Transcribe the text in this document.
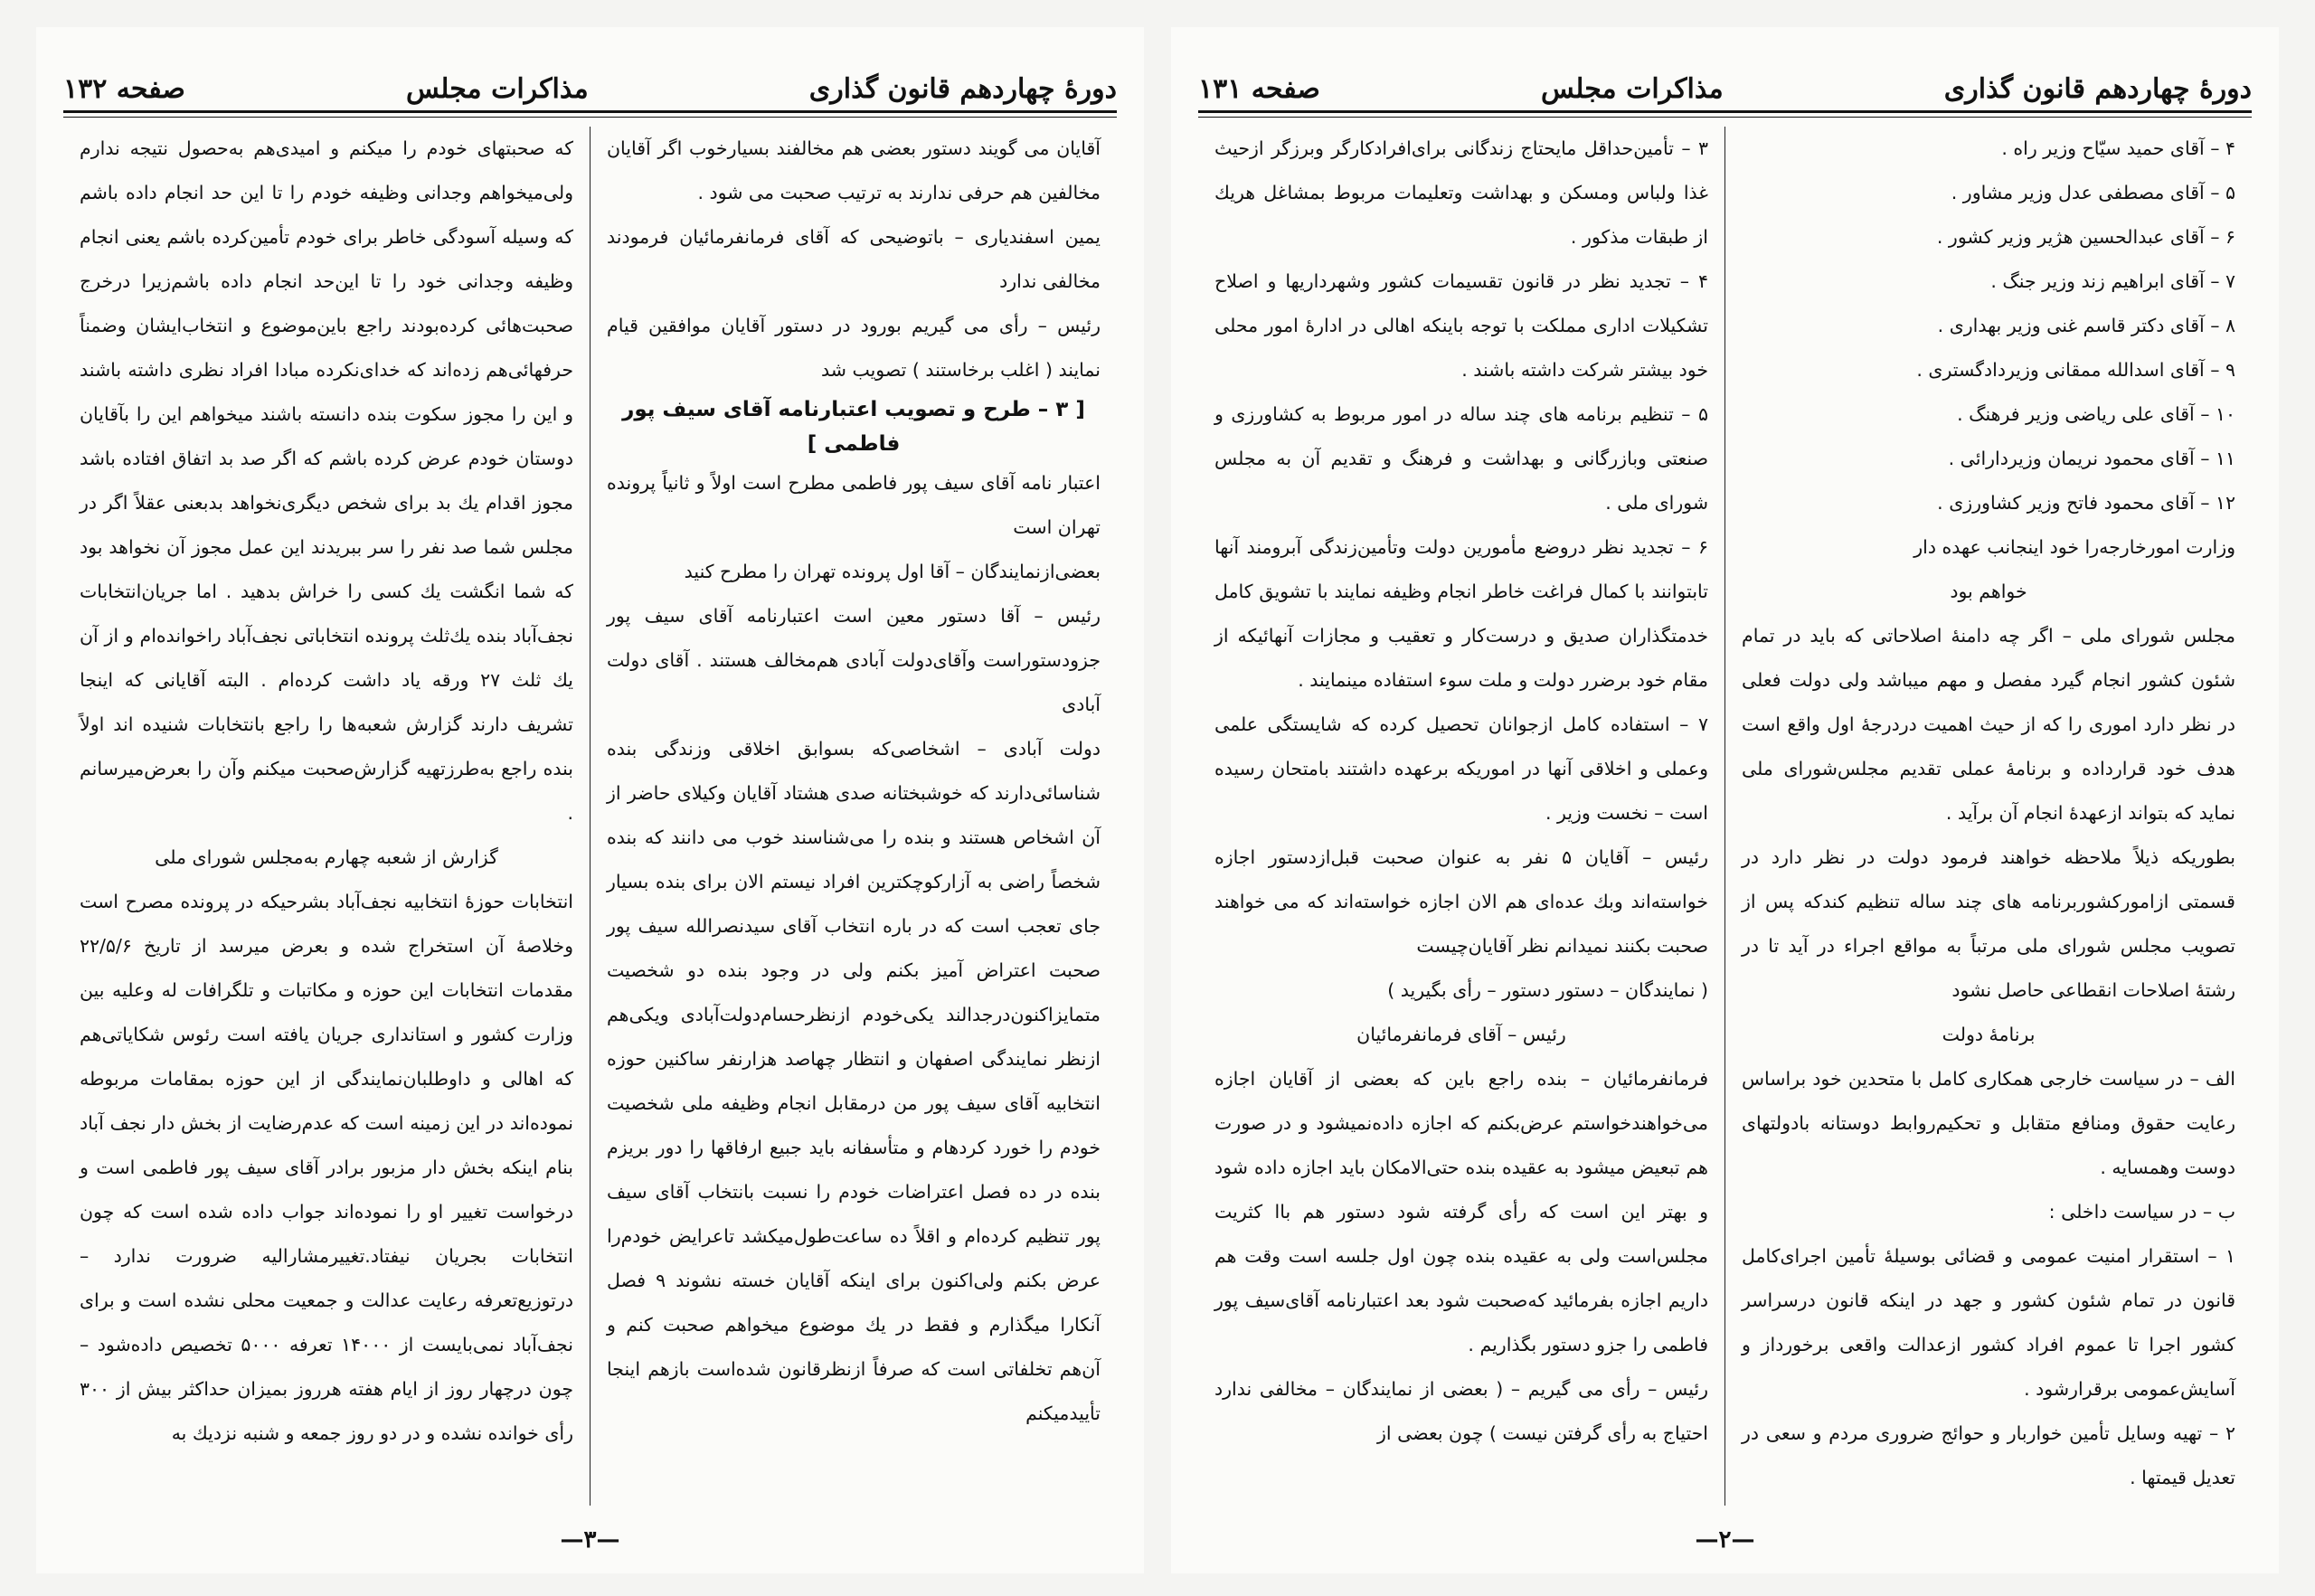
دورهٔ چهاردهم قانون گذاری
مذاکرات مجلس
صفحه ۱۳۱

۴ – آقای حمید سیّاح وزیر راه .

۵ – آقای مصطفی عدل وزیر مشاور .

۶ – آقای عبدالحسین هژیر وزیر کشور .

۷ – آقای ابراهیم زند وزیر جنگ .

۸ – آقای دکتر قاسم غنی وزیر بهداری .

۹ – آقای اسدالله ممقانی وزیردادگستری .

۱۰ – آقای علی ریاضی وزیر فرهنگ .

۱۱ – آقای محمود نریمان وزیردارائی .

۱۲ – آقای محمود فاتح وزیر کشاورزی .

وزارت امورخارجه‌را خود اینجانب عهده دار

خواهم بود

مجلس شورای ملی – اگر چه دامنهٔ اصلاحاتی که باید در تمام شئون کشور انجام گیرد مفصل و مهم میباشد ولی دولت فعلی در نظر دارد اموری را که از حیث اهمیت دردرجهٔ اول واقع است هدف خود قرارداده و برنامهٔ عملی تقدیم مجلس‌شورای ملی نماید که بتواند ازعهدهٔ انجام آن برآید .

بطوریکه ذیلاً ملاحظه خواهند فرمود دولت در نظر دارد در قسمتی ازامورکشوربرنامه های چند ساله تنظیم کندکه پس از تصویب مجلس شورای ملی مرتباً به مواقع اجراء در آید تا در رشتهٔ اصلاحات انقطاعی حاصل نشود

برنامهٔ دولت

الف – در سیاست خارجی همکاری کامل با متحدین خود براساس رعایت حقوق ومنافع متقابل و تحکیم‌روابط دوستانه بادولتهای دوست وهمسایه .

ب – در سیاست داخلی :

۱ – استقرار امنیت عمومی و قضائی بوسیلهٔ تأمین اجرای‌کامل قانون در تمام شئون کشور و جهد در اینکه قانون درسراسر کشور اجرا تا عموم افراد کشور ازعدالت واقعی برخورداز و آسایش‌عمومی برقرارشود .

۲ – تهیه وسایل تأمین خواربار و حوائج ضروری مردم و سعی در تعدیل قیمتها .

۳ – تأمین‌حداقل مایحتاج زندگانی برای‌افرادکارگر وبرزگر ازحیث غذا ولباس ومسکن و بهداشت وتعلیمات مربوط بمشاغل هریك از طبقات مذکور .

۴ – تجدید نظر در قانون تقسیمات کشور وشهرداریها و اصلاح تشکیلات اداری مملکت با توجه باینکه اهالی در ادارهٔ امور محلی خود بیشتر شرکت داشته باشند .

۵ – تنظیم برنامه های چند ساله در امور مربوط به کشاورزی و صنعتی وبازرگانی و بهداشت و فرهنگ و تقدیم آن به مجلس شورای ملی .

۶ – تجدید نظر دروضع مأمورین دولت وتأمین‌زندگی آبرومند آنها تابتوانند با کمال فراغت خاطر انجام وظیفه نمایند با تشویق کامل خدمتگذاران صدیق و درست‌کار و تعقیب و مجازات آنهائیکه از مقام خود برضرر دولت و ملت سوء استفاده مینمایند .

۷ – استفاده کامل ازجوانان تحصیل کرده که شایستگی علمی وعملی و اخلاقی آنها در اموریکه برعهده داشتند بامتحان رسیده است – نخست وزیر .

رئیس – آقایان ۵ نفر به عنوان صحبت قبل‌ازدستور اجازه خواسته‌اند وبك عده‌ای هم الان اجازه خواسته‌اند که می خواهند صحبت بکنند نمیدانم نظر آقایان‌چیست

( نمایندگان – دستور دستور – رأی بگیرید )

رئیس – آقای فرمانفرمائیان

فرمانفرمائیان – بنده راجع باین که بعضی از آقایان اجازه می‌خواهندخواستم عرض‌بکنم که اجازه داده‌نمیشود و در صورت هم تبعیض میشود به عقیده بنده حتی‌الامکان باید اجازه داده شود و بهتر این است که رأی گرفته شود دستور هم باا کثریت مجلس‌است ولی به عقیده بنده چون اول جلسه است وقت هم داریم اجازه بفرمائید که‌صحبت شود بعد اعتبارنامه آقای‌سیف پور فاطمی را جزو دستور بگذاریم .

رئیس – رأی می گیریم – ( بعضی از نمایندگان – مخالفی ندارد احتیاج به رأی گرفتن نیست ) چون بعضی از

—۲—
دورهٔ چهاردهم قانون گذاری
مذاکرات مجلس
صفحه ۱۳۲

آقایان می گویند دستور بعضی هم مخالفند بسیارخوب اگر آقایان مخالفین هم حرفی ندارند به ترتیب صحبت می شود .

یمین اسفندیاری – باتوضیحی که آقای فرمانفرمائیان فرمودند مخالفی ندارد

رئیس – رأی می گیریم بورود در دستور آقایان موافقین قیام نمایند ( اغلب برخاستند ) تصویب شد

[ ۳ – طرح و تصویب اعتبارنامه آقای سیف پور فاطمی ]

اعتبار نامه آقای سیف پور فاطمی مطرح است اولاً و ثانیاً پرونده تهران است

بعضی‌ازنمایندگان – آقا اول پرونده تهران را مطرح کنید

رئیس – آقا دستور معین است اعتبارنامه آقای سیف پور جزودستوراست وآقای‌دولت آبادی هم‌مخالف هستند . آقای دولت آبادی

دولت آبادی – اشخاصی‌که بسوابق اخلاقی وزندگی بنده شناسائی‌دارند که خوشبختانه صدی هشتاد آقایان وکیلای حاضر از آن اشخاص هستند و بنده را می‌شناسند خوب می دانند که بنده شخصاً راضی به آزارکوچکترین افراد نیستم الان برای بنده بسیار جای تعجب است که در باره انتخاب آقای سیدنصرالله سیف پور صحبت اعتراض آمیز بکنم ولی در وجود بنده دو شخصیت متمایزاکنون‌درجدالند یکی‌خودم ازنظرحسام‌دولت‌آبادی ویکی‌هم ازنظر نمایندگی اصفهان و انتظار چهاصد هزارنفر ساکنین حوزه انتخابیه آقای سیف پور من درمقابل انجام وظیفه ملی شخصیت خودم را خورد کردهام و متأسفانه باید جبیع ارفاقها را دور بریزم بنده در ده فصل اعتراضات خودم را نسبت بانتخاب آقای سیف پور تنظیم کرده‌ام و اقلاً ده ساعت‌طول‌میکشد تاعرایض خودم‌را عرض بکنم ولی‌اکنون برای اینکه آقایان خسته نشوند ۹ فصل آنکارا میگذارم و فقط در یك موضوع میخواهم صحبت کنم و آن‌هم تخلفاتی است که صرفاً ازنظرقانون شده‌است بازهم اینجا تأییدمیکنم

که صحبتهای خودم را میکنم و امیدی‌هم به‌حصول نتیجه ندارم ولی‌میخواهم وجدانی وظیفه خودم را تا این حد انجام داده باشم که وسیله آسودگی خاطر برای خودم تأمین‌کرده باشم یعنی انجام وظیفه وجدانی خود را تا این‌حد انجام داده باشم‌زیرا درخرج صحبت‌هائی کرده‌بودند راجع باین‌موضوع و انتخاب‌ایشان وضمناً حرفهائی‌هم زده‌اند که خدای‌نکرده مبادا افراد نظری داشته باشند و این را مجوز سکوت بنده دانسته باشند میخواهم این را بآقایان دوستان خودم عرض کرده باشم که اگر صد بد اتفاق افتاده باشد مجوز اقدام یك بد برای شخص دیگری‌نخواهد بدبعنی عقلاً اگر در مجلس شما صد نفر را سر ببریدند این عمل مجوز آن نخواهد بود که شما انگشت یك کسی را خراش بدهید . اما جریان‌انتخابات نجف‌آباد بنده یك‌ثلث پرونده انتخاباتی نجف‌آباد راخوانده‌ام و از آن یك ثلث ۲۷ ورقه یاد داشت کرده‌ام . البته آقایانی که اینجا تشریف دارند گزارش شعبه‌ها را راجع بانتخابات شنیده اند اولاً بنده راجع به‌طرز‌تهیه گزارش‌صحبت میکنم وآن را بعرض‌میرسانم .

گزارش از شعبه چهارم به‌مجلس شورای ملی

انتخابات حوزهٔ انتخابیه نجف‌آباد بشرحیکه در پرونده مصرح است وخلاصهٔ آن استخراج شده و بعرض میرسد از تاریخ ۲۲/۵/۶ مقدمات انتخابات این حوزه و مکاتبات و تلگرافات له وعلیه بین وزارت کشور و استانداری جریان یافته است رئوس شکایاتی‌هم که اهالی و داوطلبان‌نمایندگی از این حوزه بمقامات مربوطه نموده‌اند در این زمینه است که عدم‌رضایت از بخش دار نجف آباد بنام اینکه بخش دار مزبور برادر آقای سیف پور فاطمی است و درخواست تغییر او را نموده‌اند جواب داده شده است که چون انتخابات بجریان نیفتاد.تغییرمشارالیه ضرورت ندارد – درتوزیع‌تعرفه رعایت عدالت و جمعیت محلی نشده است و برای نجف‌آباد نمی‌بایست از ۱۴۰۰۰ تعرفه ۵۰۰۰ تخصیص داده‌شود – چون درچهار روز از ایام هفته هرروز بمیزان حداکثر بیش از ۳۰۰ رأی خوانده نشده و در دو روز جمعه و شنبه نزدیك به

—۳—
